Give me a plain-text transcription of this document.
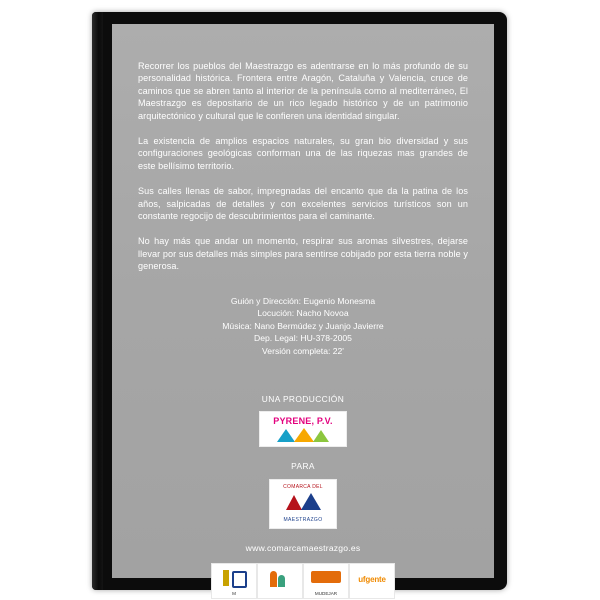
Recorrer los pueblos del Maestrazgo es adentrarse en lo más profundo de su personalidad histórica. Frontera entre Aragón, Cataluña y Valencia, cruce de caminos que se abren tanto al interior de la península como al mediterráneo, El Maestrazgo es depositario de un rico legado histórico y de un patrimonio arquitectónico y cultural que le confieren una identidad singular.

La existencia de amplios espacios naturales, su gran bio diversidad y sus configuraciones geológicas conforman una de las riquezas mas grandes de este bellísimo territorio.

Sus calles llenas de sabor, impregnadas del encanto que da la patina de los años, salpicadas de detalles y con excelentes servicios turísticos son un constante regocijo de descubrimientos para el caminante.

No hay más que andar un momento, respirar sus aromas silvestres, dejarse llevar por sus detalles más simples para sentirse cobijado por esta tierra noble y generosa.

Guión y Dirección: Eugenio Monesma
Locución: Nacho Novoa
Música: Nano Bermúdez y Juanjo Javierre
Dep. Legal: HU-378-2005
Versión completa: 22'
UNA PRODUCCIÓN
PYRENE, P.V.
PARA
COMARCA DEL
MAESTRAZGO
www.comarcamaestrazgo.es
M	MUDEJAR
ufgente
